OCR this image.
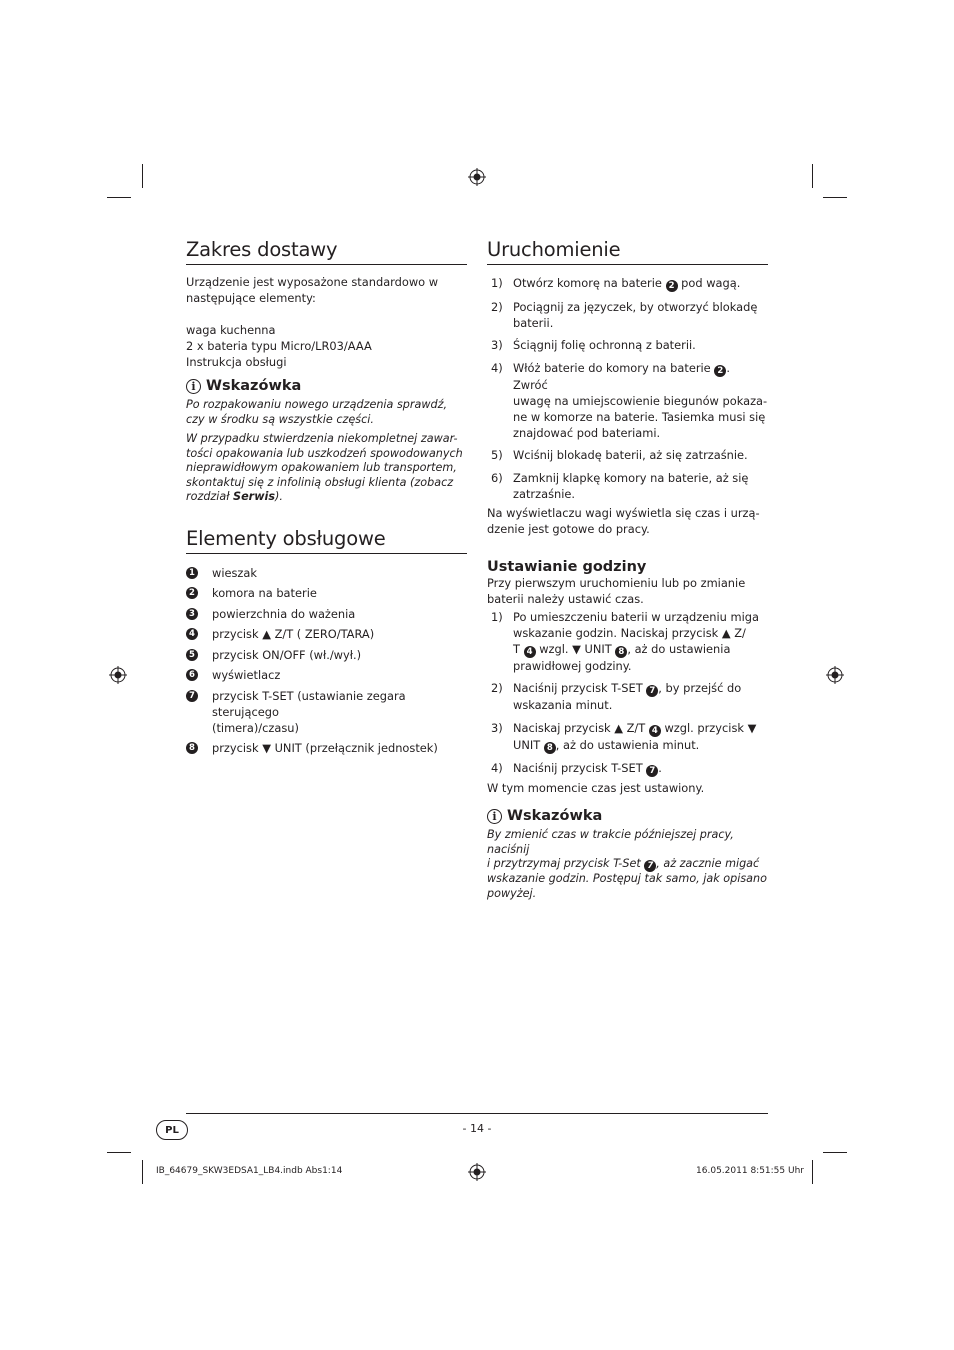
Zakres dostawy

Urządzenie jest wyposażone standardowo w
następujące elementy:

waga kuchenna

2 x bateria typu Micro/LR03/AAA

Instrukcja obsługi

i Wskazówka

Po rozpakowaniu nowego urządzenia sprawdź,
czy w środku są wszystkie części.

W przypadku stwierdzenia niekompletnej zawar-
tości opakowania lub uszkodzeń spowodowanych
nieprawidłowym opakowaniem lub transportem,
skontaktuj się z infolinią obsługi klienta (zobacz
rozdział Serwis).

Elementy obsługowe
1 wieszak
2 komora na baterie
3 powierzchnia do ważenia
4 przycisk ▲ Z/T ( ZERO/TARA)
5 przycisk ON/OFF (wł./wył.)
6 wyświetlacz
7 przycisk T-SET (ustawianie zegara sterującego
(timera)/czasu)
8 przycisk ▼ UNIT (przełącznik jednostek)
Uruchomienie
1) Otwórz komorę na baterie 2 pod wagą.
2) Pociągnij za języczek, by otworzyć blokadę
baterii.
3) Ściągnij folię ochronną z baterii.
4) Włóż baterie do komory na baterie 2 . Zwróć
uwagę na umiejscowienie biegunów pokaza-
ne w komorze na baterie. Tasiemka musi się
znajdować pod bateriami.
5) Wciśnij blokadę baterii, aż się zatrzaśnie.
6) Zamknij klapkę komory na baterie, aż się
zatrzaśnie.

Na wyświetlaczu wagi wyświetla się czas i urzą-
dzenie jest gotowe do pracy.

Ustawianie godziny

Przy pierwszym uruchomieniu lub po zmianie
baterii należy ustawić czas.

1) Po umieszczeniu baterii w urządzeniu miga
wskazanie godzin. Naciskaj przycisk ▲ Z/
T 4 wzgl. ▼ UNIT 8 , aż do ustawienia
prawidłowej godziny.
2) Naciśnij przycisk T-SET 7 , by przejść do
wskazania minut.
3) Naciskaj przycisk ▲ Z/T 4 wzgl. przycisk ▼
UNIT 8 , aż do ustawienia minut.
4) Naciśnij przycisk T-SET 7 .

W tym momencie czas jest ustawiony.

i Wskazówka

By zmienić czas w trakcie późniejszej pracy, naciśnij
i przytrzymaj przycisk T-Set 7 , aż zacznie migać
wskazanie godzin. Postępuj tak samo, jak opisano
powyżej.

PL	- 14 -
IB_64679_SKW3EDSA1_LB4.indb Abs1:14	16.05.2011 8:51:55 Uhr
